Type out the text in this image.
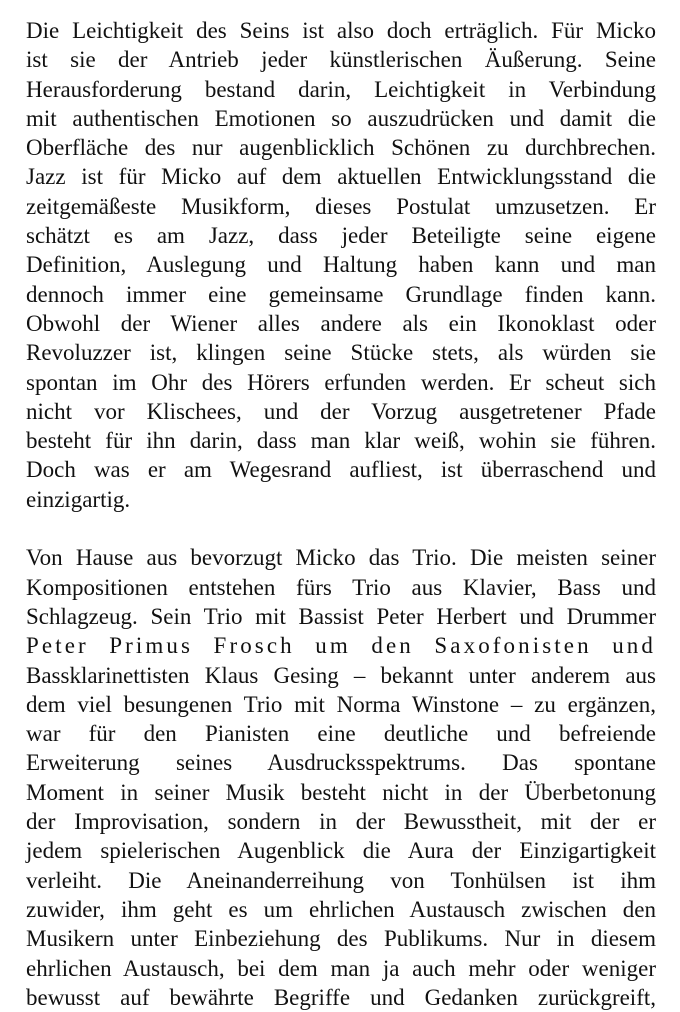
Die Leichtigkeit des Seins ist also doch erträglich. Für Micko
ist sie der Antrieb jeder künstlerischen Äußerung. Seine
Herausforderung bestand darin, Leichtigkeit in Verbindung
mit authentischen Emotionen so auszudrücken und damit die
Oberfläche des nur augenblicklich Schönen zu durchbrechen.
Jazz ist für Micko auf dem aktuellen Entwicklungsstand die
zeitgemäßeste Musikform, dieses Postulat umzusetzen. Er
schätzt es am Jazz, dass jeder Beteiligte seine eigene
Definition, Auslegung und Haltung haben kann und man
dennoch immer eine gemeinsame Grundlage finden kann.
Obwohl der Wiener alles andere als ein Ikonoklast oder
Revoluzzer ist, klingen seine Stücke stets, als würden sie
spontan im Ohr des Hörers erfunden werden. Er scheut sich
nicht vor Klischees, und der Vorzug ausgetretener Pfade
besteht für ihn darin, dass man klar weiß, wohin sie führen.
Doch was er am Wegesrand aufliest, ist überraschend und
einzigartig.
Von Hause aus bevorzugt Micko das Trio. Die meisten seiner
Kompositionen entstehen fürs Trio aus Klavier, Bass und
Schlagzeug. Sein Trio mit Bassist Peter Herbert und Drummer
Peter Primus Frosch um den Saxofonisten und
Bassklarinettisten Klaus Gesing – bekannt unter anderem aus
dem viel besungenen Trio mit Norma Winstone – zu ergänzen,
war für den Pianisten eine deutliche und befreiende
Erweiterung seines Ausdrucksspektrums. Das spontane
Moment in seiner Musik besteht nicht in der Überbetonung
der Improvisation, sondern in der Bewusstheit, mit der er
jedem spielerischen Augenblick die Aura der Einzigartigkeit
verleiht. Die Aneinanderreihung von Tonhülsen ist ihm
zuwider, ihm geht es um ehrlichen Austausch zwischen den
Musikern unter Einbeziehung des Publikums. Nur in diesem
ehrlichen Austausch, bei dem man ja auch mehr oder weniger
bewusst auf bewährte Begriffe und Gedanken zurückgreift,
